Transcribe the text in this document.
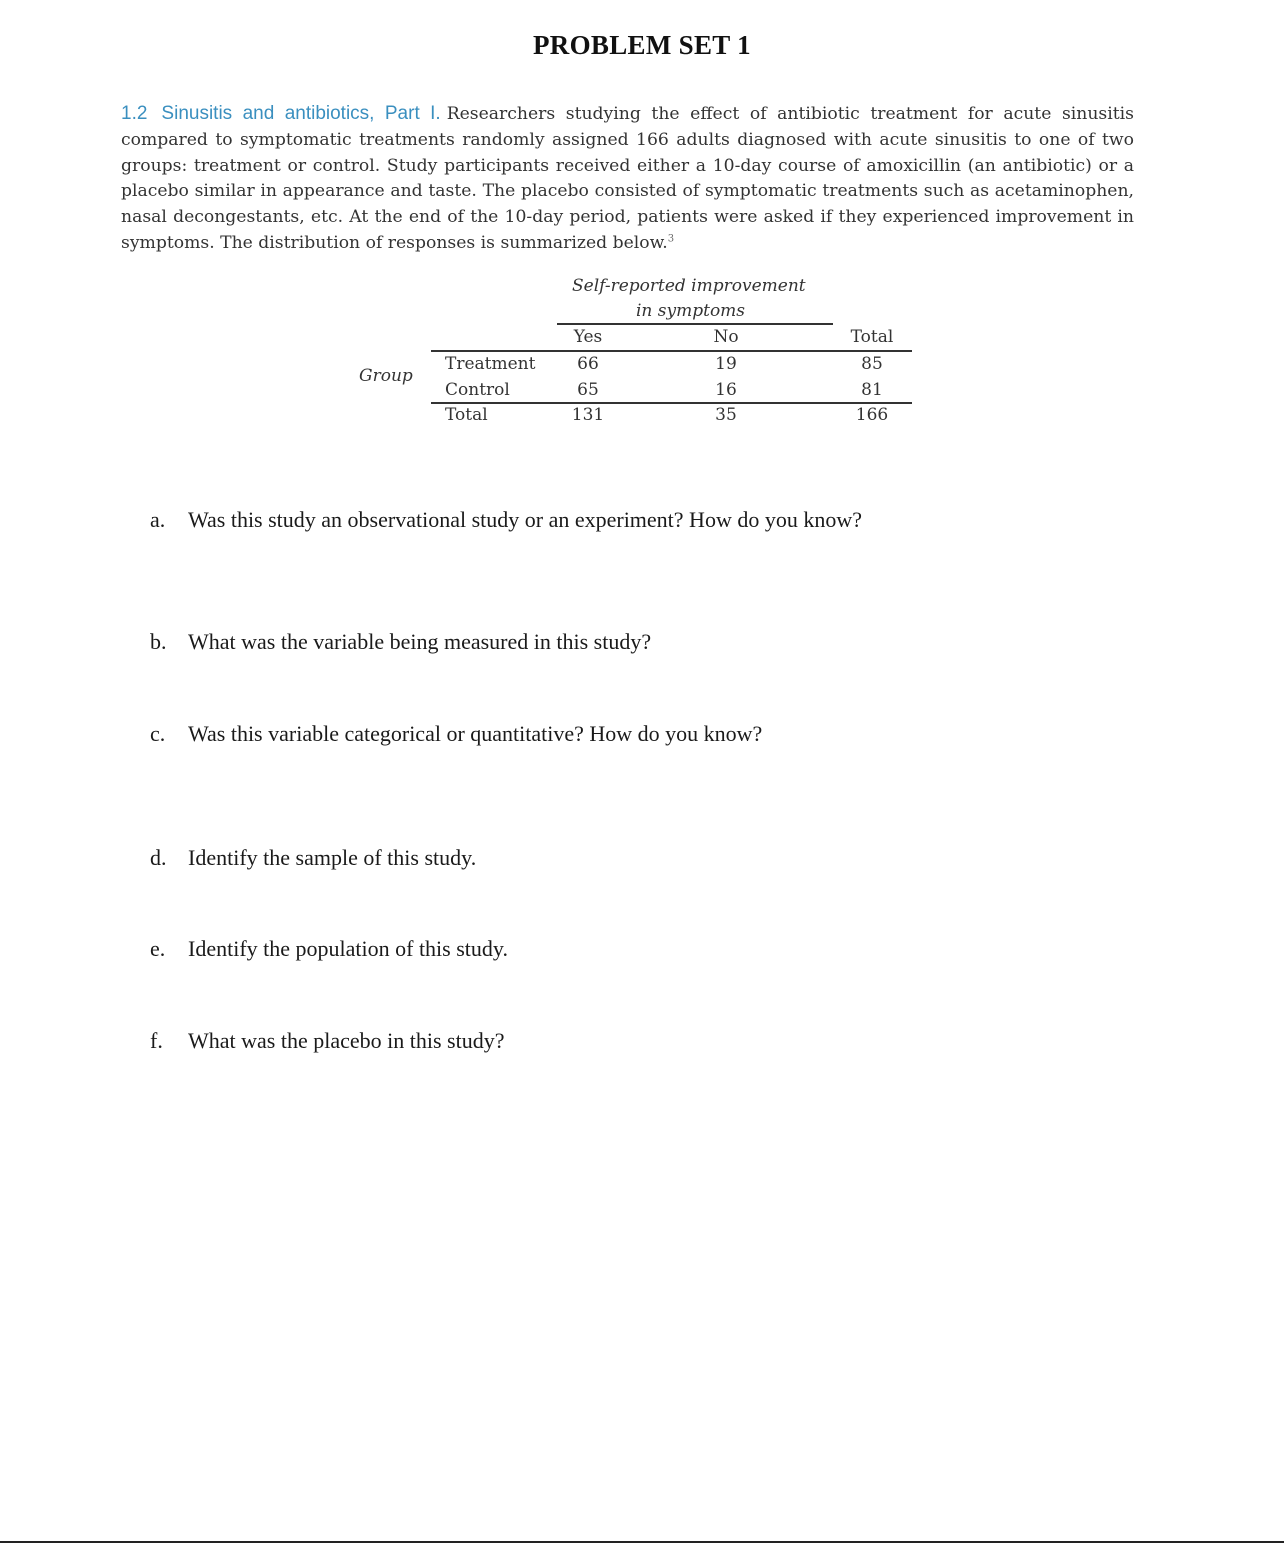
PROBLEM SET 1
1.2 Sinusitis and antibiotics, Part I. Researchers studying the effect of antibiotic treatment for acute sinusitis compared to symptomatic treatments randomly assigned 166 adults diagnosed with acute sinusitis to one of two groups: treatment or control. Study participants received either a 10-day course of amoxicillin (an antibiotic) or a placebo similar in appearance and taste. The placebo consisted of symptomatic treatments such as acetaminophen, nasal decongestants, etc. At the end of the 10-day period, patients were asked if they experienced improvement in symptoms. The distribution of responses is summarized below.$^3$
Self-reported improvement
in symptoms
Yes	No	Total
Group
Treatment	66	19	85
Control	65	16	81
Total	131	35	166
a. Was this study an observational study or an experiment? How do you know?
b. What was the variable being measured in this study?
c. Was this variable categorical or quantitative? How do you know?
d. Identify the sample of this study.
e. Identify the population of this study.
f. What was the placebo in this study?
